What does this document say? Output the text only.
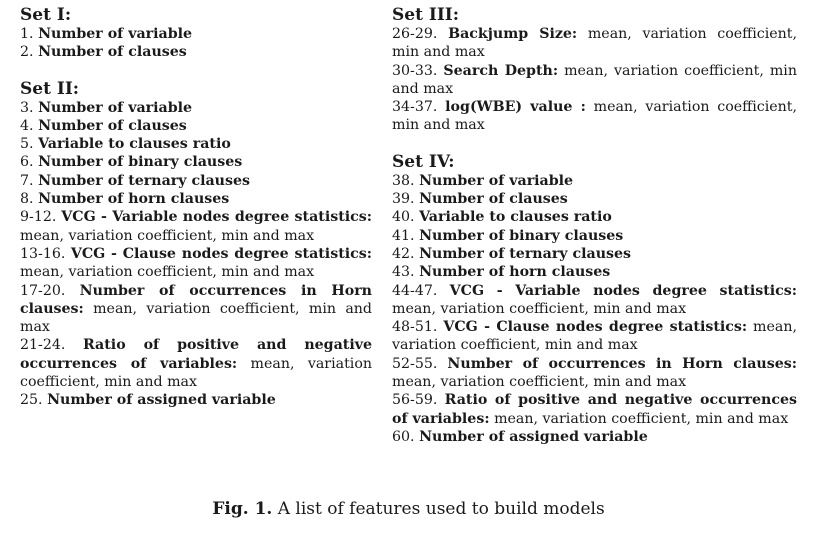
Set I:

1. Number of variable

2. Number of clauses

Set II:

3. Number of variable

4. Number of clauses

5. Variable to clauses ratio

6. Number of binary clauses

7. Number of ternary clauses

8. Number of horn clauses

9-12. VCG - Variable nodes degree statistics: mean, variation coefficient, min and max

13-16. VCG - Clause nodes degree statistics: mean, variation coefficient, min and max

17-20. Number of occurrences in Horn clauses: mean, variation coefficient, min and max

21-24. Ratio of positive and negative occurrences of variables: mean, variation coefficient, min and max

25. Number of assigned variable

Set III:

26-29. Backjump Size: mean, variation coefficient, min and max

30-33. Search Depth: mean, variation coefficient, min and max

34-37. log(WBE) value : mean, variation coefficient, min and max

Set IV:

38. Number of variable

39. Number of clauses

40. Variable to clauses ratio

41. Number of binary clauses

42. Number of ternary clauses

43. Number of horn clauses

44-47. VCG - Variable nodes degree statistics: mean, variation coefficient, min and max

48-51. VCG - Clause nodes degree statistics: mean, variation coefficient, min and max

52-55. Number of occurrences in Horn clauses: mean, variation coefficient, min and max

56-59. Ratio of positive and negative occurrences of variables: mean, variation coefficient, min and max

60. Number of assigned variable

Fig. 1. A list of features used to build models
